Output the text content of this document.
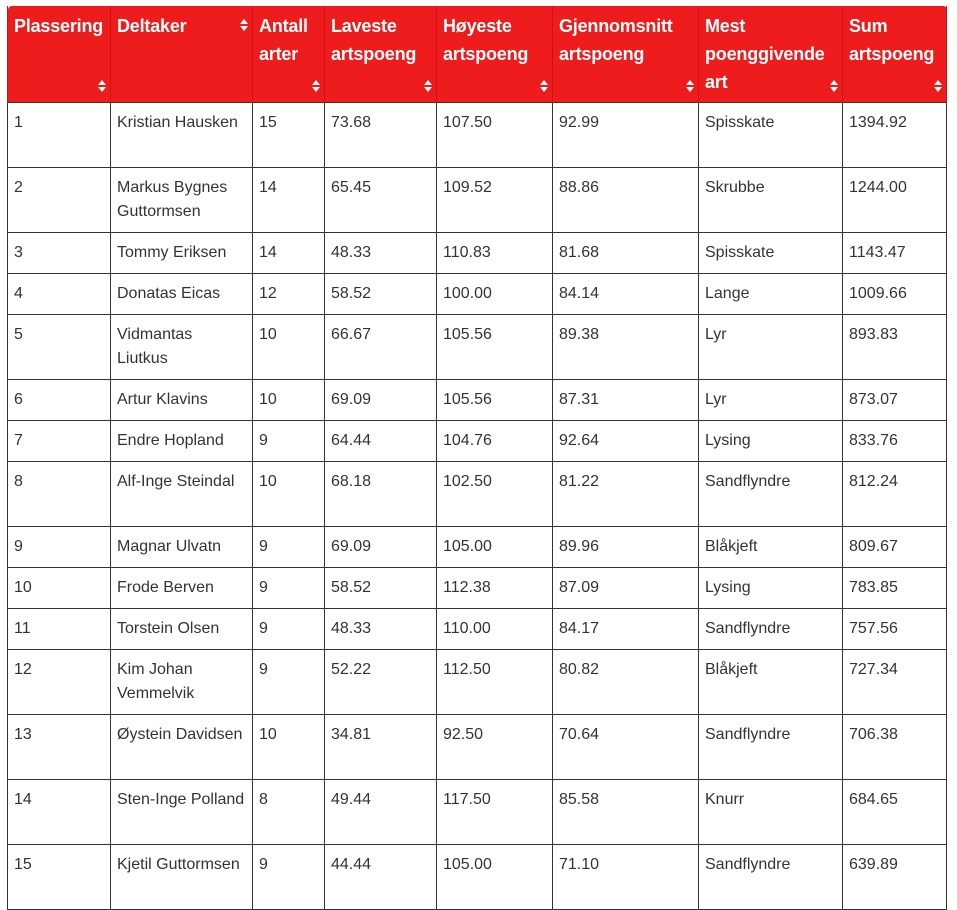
Plassering	Deltaker	Antall arter	Laveste artspoeng	Høyeste artspoeng	Gjennomsnitt artspoeng	Mest poenggivende art	Sum artspoeng

1	Kristian Hausken	15	73.68	107.50	92.99	Spisskate	1394.92
2	Markus Bygnes Guttormsen	14	65.45	109.52	88.86	Skrubbe	1244.00
3	Tommy Eriksen	14	48.33	110.83	81.68	Spisskate	1143.47
4	Donatas Eicas	12	58.52	100.00	84.14	Lange	1009.66
5	Vidmantas Liutkus	10	66.67	105.56	89.38	Lyr	893.83
6	Artur Klavins	10	69.09	105.56	87.31	Lyr	873.07
7	Endre Hopland	9	64.44	104.76	92.64	Lysing	833.76
8	Alf-Inge Steindal	10	68.18	102.50	81.22	Sandflyndre	812.24
9	Magnar Ulvatn	9	69.09	105.00	89.96	Blåkjeft	809.67
10	Frode Berven	9	58.52	112.38	87.09	Lysing	783.85
11	Torstein Olsen	9	48.33	110.00	84.17	Sandflyndre	757.56
12	Kim Johan Vemmelvik	9	52.22	112.50	80.82	Blåkjeft	727.34
13	Øystein Davidsen	10	34.81	92.50	70.64	Sandflyndre	706.38
14	Sten-Inge Polland	8	49.44	117.50	85.58	Knurr	684.65
15	Kjetil Guttormsen	9	44.44	105.00	71.10	Sandflyndre	639.89
